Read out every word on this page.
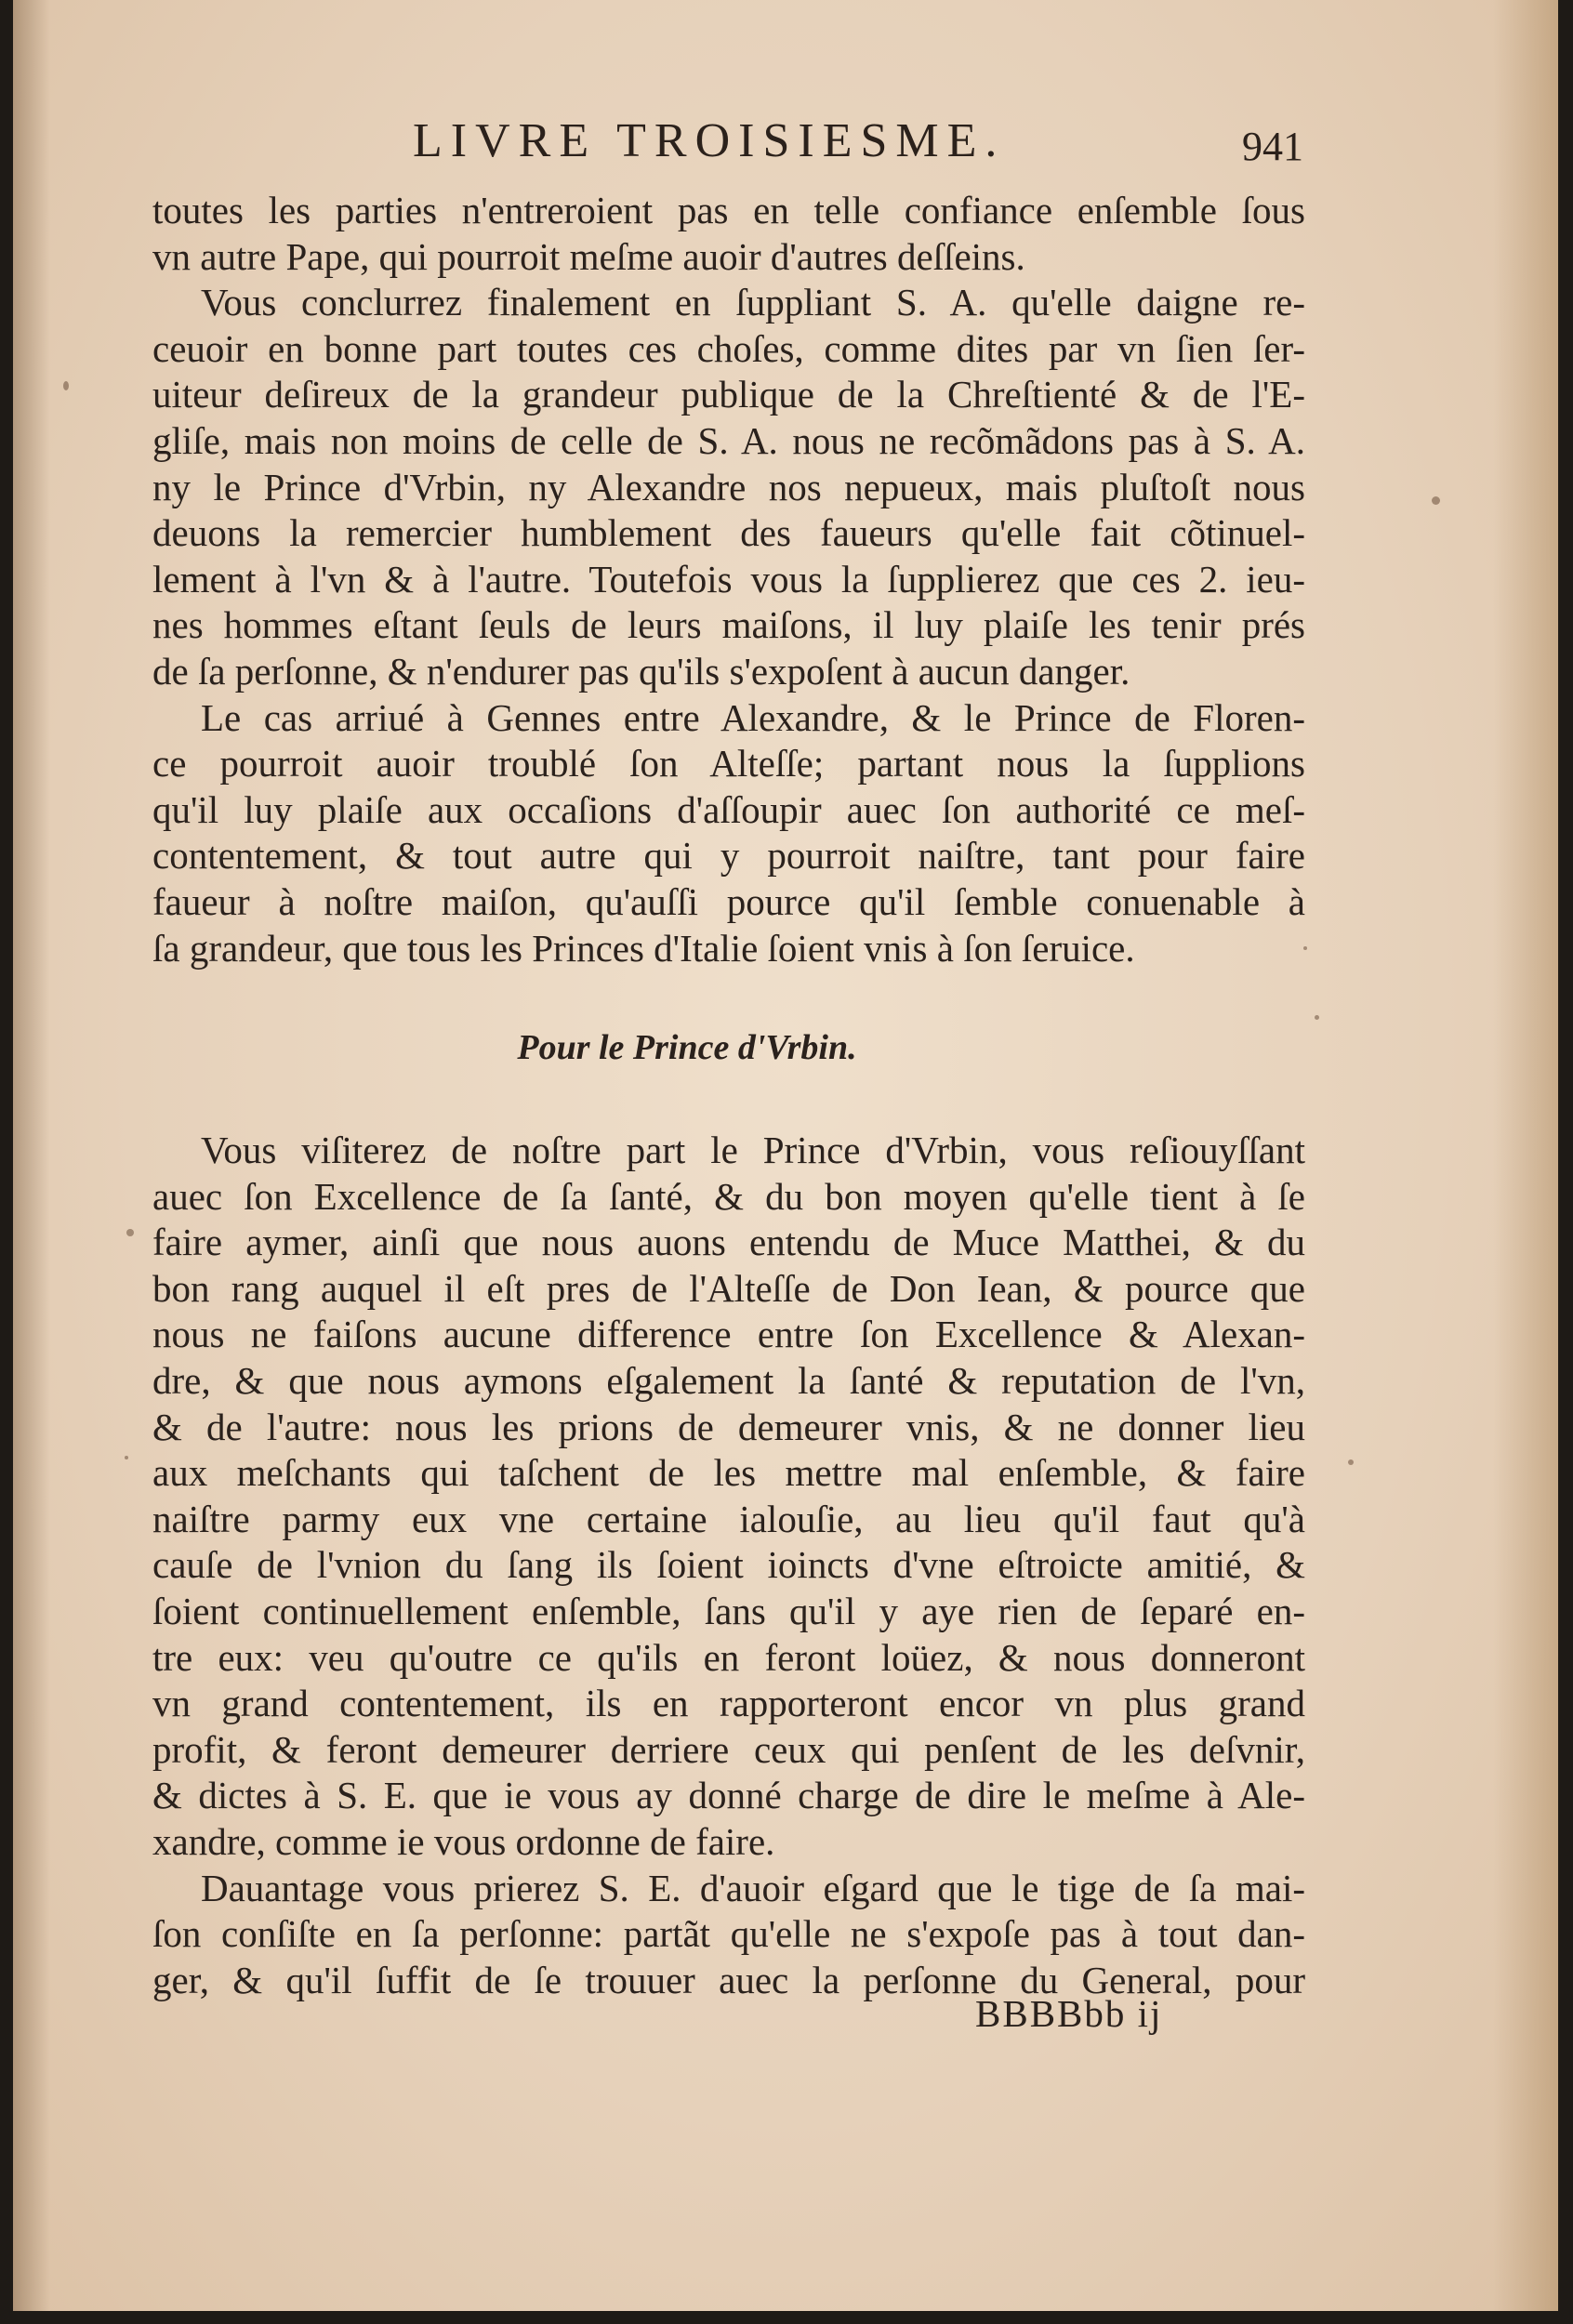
LIVRE TROISIESME.	941
toutes les parties n'entreroient pas en telle confiance enſemble ſous
vn autre Pape, qui pourroit meſme auoir d'autres deſſeins.
Vous conclurrez finalement en ſuppliant S. A. qu'elle daigne re-
ceuoir en bonne part toutes ces choſes, comme dites par vn ſien ſer-
uiteur deſireux de la grandeur publique de la Chreſtienté & de l'E-
gliſe, mais non moins de celle de S. A. nous ne recõmãdons pas à S. A.
ny le Prince d'Vrbin, ny Alexandre nos nepueux, mais pluſtoſt nous
deuons la remercier humblement des faueurs qu'elle fait cõtinuel-
lement à l'vn & à l'autre. Toutefois vous la ſupplierez que ces 2. ieu-
nes hommes eſtant ſeuls de leurs maiſons, il luy plaiſe les tenir prés
de ſa perſonne, & n'endurer pas qu'ils s'expoſent à aucun danger.
Le cas arriué à Gennes entre Alexandre, & le Prince de Floren-
ce pourroit auoir troublé ſon Alteſſe; partant nous la ſupplions
qu'il luy plaiſe aux occaſions d'aſſoupir auec ſon authorité ce meſ-
contentement, & tout autre qui y pourroit naiſtre, tant pour faire
faueur à noſtre maiſon, qu'auſſi pource qu'il ſemble conuenable à
ſa grandeur, que tous les Princes d'Italie ſoient vnis à ſon ſeruice.
Pour le Prince d'Vrbin.
Vous viſiterez de noſtre part le Prince d'Vrbin, vous reſiouyſſant
auec ſon Excellence de ſa ſanté, & du bon moyen qu'elle tient à ſe
faire aymer, ainſi que nous auons entendu de Muce Matthei, & du
bon rang auquel il eſt pres de l'Alteſſe de Don Iean, & pource que
nous ne faiſons aucune difference entre ſon Excellence & Alexan-
dre, & que nous aymons eſgalement la ſanté & reputation de l'vn,
& de l'autre: nous les prions de demeurer vnis, & ne donner lieu
aux meſchants qui taſchent de les mettre mal enſemble, & faire
naiſtre parmy eux vne certaine ialouſie, au lieu qu'il faut qu'à
cauſe de l'vnion du ſang ils ſoient ioincts d'vne eſtroicte amitié, &
ſoient continuellement enſemble, ſans qu'il y aye rien de ſeparé en-
tre eux: veu qu'outre ce qu'ils en feront loüez, & nous donneront
vn grand contentement, ils en rapporteront encor vn plus grand
profit, & feront demeurer derriere ceux qui penſent de les deſvnir,
& dictes à S. E. que ie vous ay donné charge de dire le meſme à Ale-
xandre, comme ie vous ordonne de faire.
Dauantage vous prierez S. E. d'auoir eſgard que le tige de ſa mai-
ſon conſiſte en ſa perſonne: partãt qu'elle ne s'expoſe pas à tout dan-
ger, & qu'il ſuffit de ſe trouuer auec la perſonne du General, pour
BBBBbb ij
